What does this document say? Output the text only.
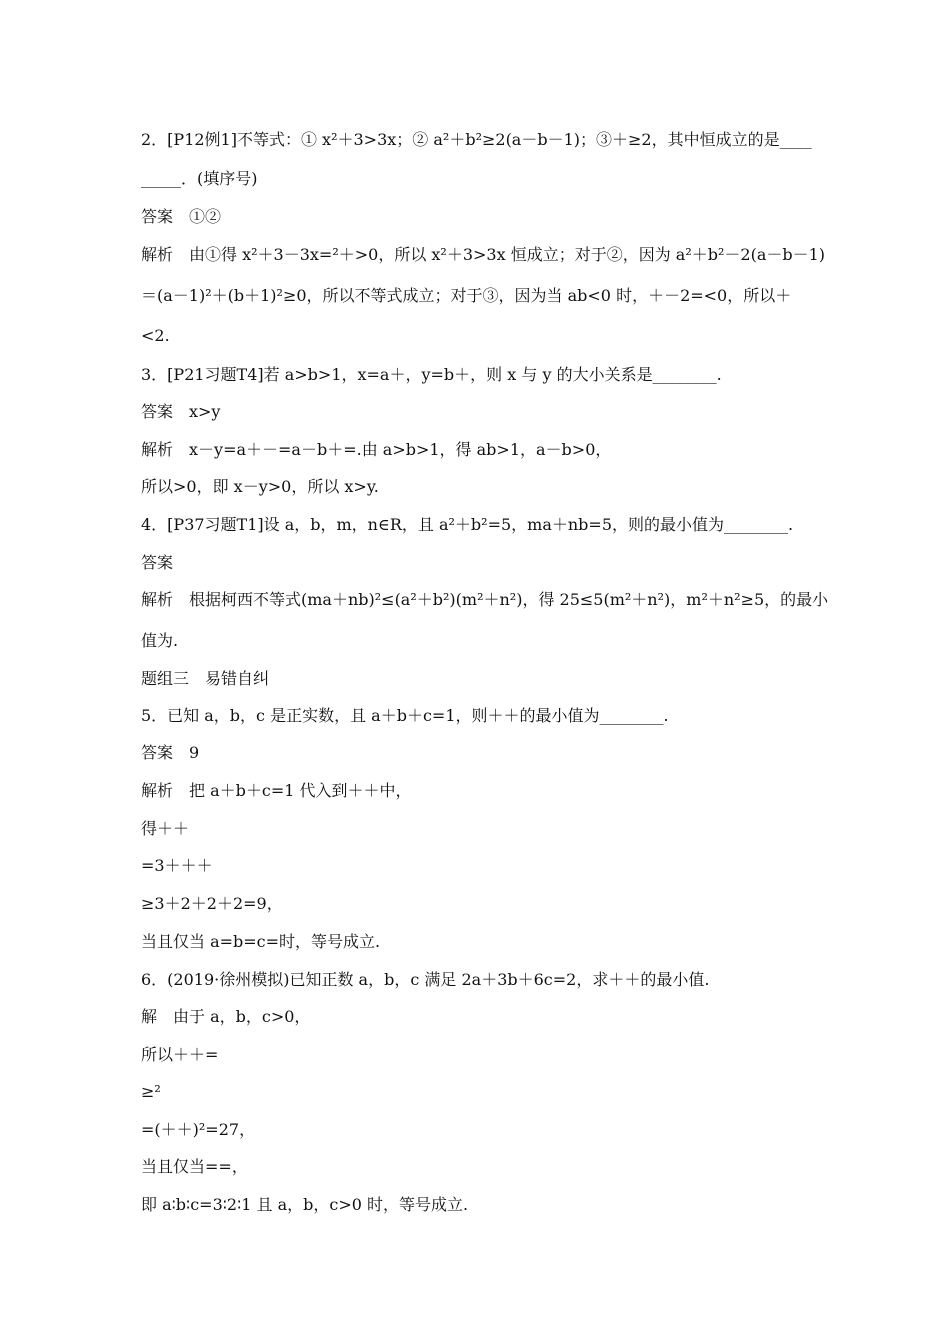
2．[P12例1]不等式：① x²＋3>3x；② a²＋b²≥2(a－b－1)；③＋≥2，其中恒成立的是____
_____．(填序号)
答案　①②
解析　由①得 x²＋3－3x=²＋>0，所以 x²＋3>3x 恒成立；对于②，因为 a²＋b²－2(a－b－1)
＝(a－1)²＋(b＋1)²≥0，所以不等式成立；对于③，因为当 ab<0 时，＋－2=<0，所以＋
<2.
3．[P21习题T4]若 a>b>1，x=a＋，y=b＋，则 x 与 y 的大小关系是________.
答案　x>y
解析　x－y=a＋－=a－b＋=.由 a>b>1，得 ab>1，a－b>0，
所以>0，即 x－y>0，所以 x>y.
4．[P37习题T1]设 a，b，m，n∈R，且 a²＋b²=5，ma＋nb=5，则的最小值为________.
答案
解析　根据柯西不等式(ma＋nb)²≤(a²＋b²)(m²＋n²)，得 25≤5(m²＋n²)，m²＋n²≥5，的最小
值为.
题组三　易错自纠
5．已知 a，b，c 是正实数，且 a＋b＋c=1，则＋＋的最小值为________.
答案　9
解析　把 a＋b＋c=1 代入到＋＋中，
得＋＋
=3＋＋＋
≥3＋2＋2＋2=9，
当且仅当 a=b=c=时，等号成立.
6．(2019·徐州模拟)已知正数 a，b，c 满足 2a＋3b＋6c=2，求＋＋的最小值.
解　由于 a，b，c>0，
所以＋＋=
≥²
=(＋＋)²=27，
当且仅当==，
即 a∶b∶c=3∶2∶1 且 a，b，c>0 时，等号成立.
